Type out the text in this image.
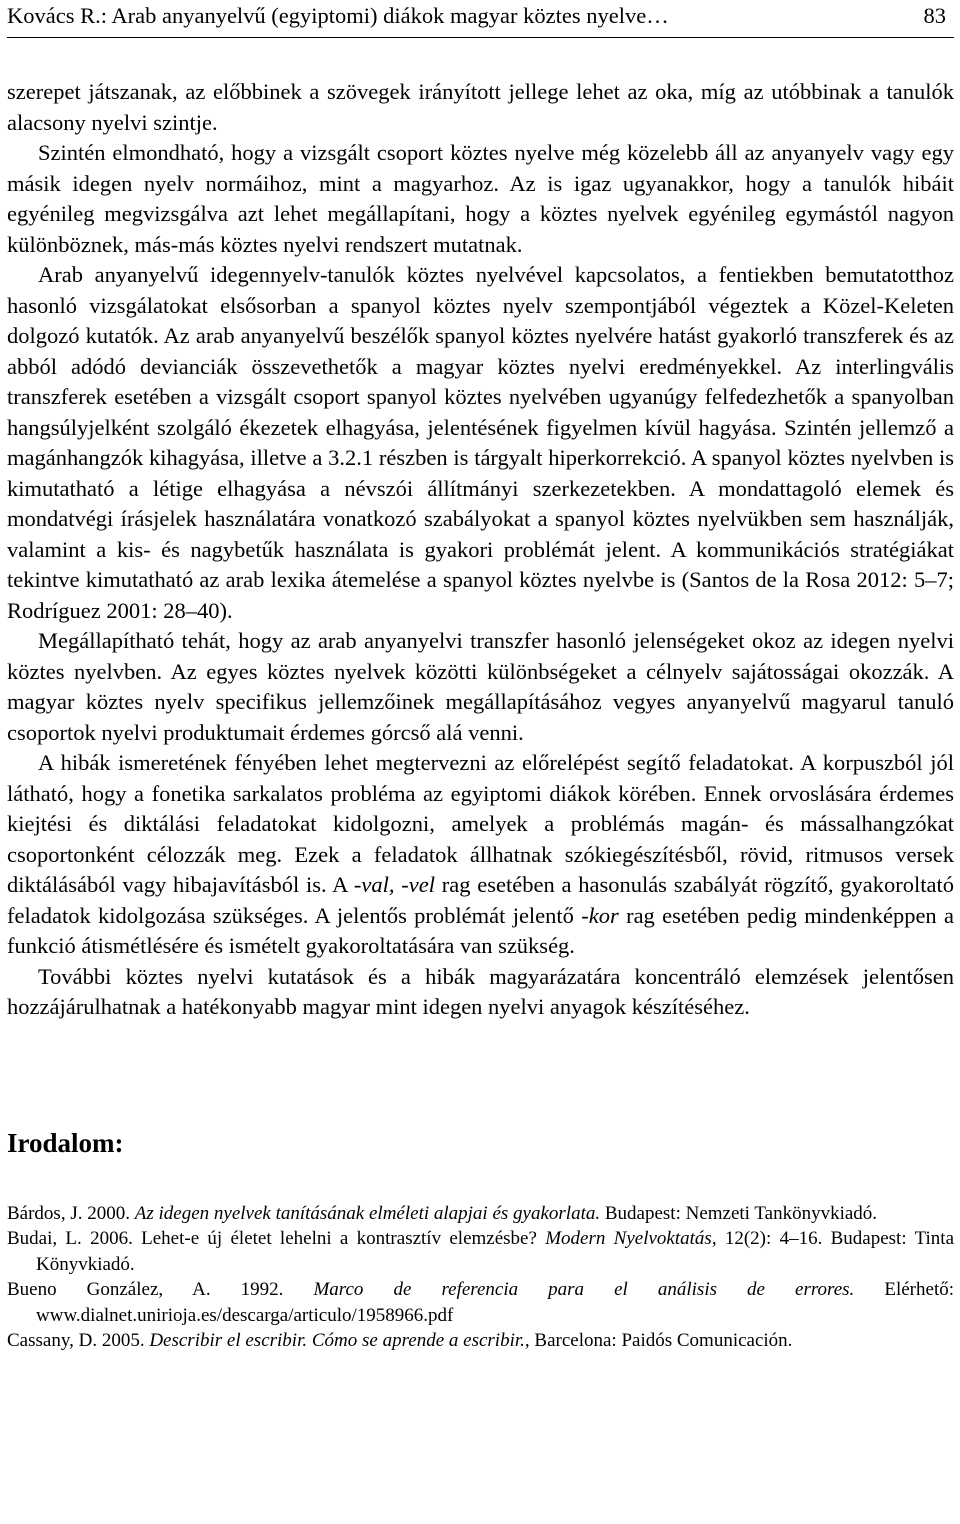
Kovács R.: Arab anyanyelvű (egyiptomi) diákok magyar köztes nyelve…	83

szerepet játszanak, az előbbinek a szövegek irányított jellege lehet az oka, míg az utóbbinak a tanulók alacsony nyelvi szintje.

Szintén elmondható, hogy a vizsgált csoport köztes nyelve még közelebb áll az anyanyelv vagy egy másik idegen nyelv normáihoz, mint a magyarhoz. Az is igaz ugyanakkor, hogy a tanulók hibáit egyénileg megvizsgálva azt lehet megállapítani, hogy a köztes nyelvek egyénileg egymástól nagyon különböznek, más-más köztes nyelvi rendszert mutatnak.

Arab anyanyelvű idegennyelv-tanulók köztes nyelvével kapcsolatos, a fentiekben bemutatotthoz hasonló vizsgálatokat elsősorban a spanyol köztes nyelv szempontjából végeztek a Közel-Keleten dolgozó kutatók. Az arab anyanyelvű beszélők spanyol köztes nyelvére hatást gyakorló transzferek és az abból adódó devianciák összevethetők a magyar köztes nyelvi eredményekkel. Az interlingvális transzferek esetében a vizsgált csoport spanyol köztes nyelvében ugyanúgy felfedezhetők a spanyolban hangsúlyjelként szolgáló ékezetek elhagyása, jelentésének figyelmen kívül hagyása. Szintén jellemző a magánhangzók kihagyása, illetve a 3.2.1 részben is tárgyalt hiperkorrekció. A spanyol köztes nyelvben is kimutatható a létige elhagyása a névszói állítmányi szerkezetekben. A mondattagoló elemek és mondatvégi írásjelek használatára vonatkozó szabályokat a spanyol köztes nyelvükben sem használják, valamint a kis- és nagybetűk használata is gyakori problémát jelent. A kommunikációs stratégiákat tekintve kimutatható az arab lexika átemelése a spanyol köztes nyelvbe is (Santos de la Rosa 2012: 5–7; Rodríguez 2001: 28–40).

Megállapítható tehát, hogy az arab anyanyelvi transzfer hasonló jelenségeket okoz az idegen nyelvi köztes nyelvben. Az egyes köztes nyelvek közötti különbségeket a célnyelv sajátosságai okozzák. A magyar köztes nyelv specifikus jellemzőinek megállapításához vegyes anyanyelvű magyarul tanuló csoportok nyelvi produktumait érdemes górcső alá venni.

A hibák ismeretének fényében lehet megtervezni az előrelépést segítő feladatokat. A korpuszból jól látható, hogy a fonetika sarkalatos probléma az egyiptomi diákok körében. Ennek orvoslására érdemes kiejtési és diktálási feladatokat kidolgozni, amelyek a problémás magán- és mássalhangzókat csoportonként célozzák meg. Ezek a feladatok állhatnak szókiegészítésből, rövid, ritmusos versek diktálásából vagy hibajavításból is. A -val, -vel rag esetében a hasonulás szabályát rögzítő, gyakoroltató feladatok kidolgozása szükséges. A jelentős problémát jelentő -kor rag esetében pedig mindenképpen a funkció átismétlésére és ismételt gyakoroltatására van szükség.

További köztes nyelvi kutatások és a hibák magyarázatára koncentráló elemzések jelentősen hozzájárulhatnak a hatékonyabb magyar mint idegen nyelvi anyagok készítéséhez.

Irodalom:

Bárdos, J. 2000. Az idegen nyelvek tanításának elméleti alapjai és gyakorlata. Budapest: Nemzeti Tankönyvkiadó.

Budai, L. 2006. Lehet-e új életet lehelni a kontrasztív elemzésbe? Modern Nyelvoktatás, 12(2): 4–16. Budapest: Tinta Könyvkiadó.

Bueno González, A. 1992. Marco de referencia para el análisis de errores. Elérhető: www.dialnet.unirioja.es/descarga/articulo/1958966.pdf

Cassany, D. 2005. Describir el escribir. Cómo se aprende a escribir., Barcelona: Paidós Comunicación.
